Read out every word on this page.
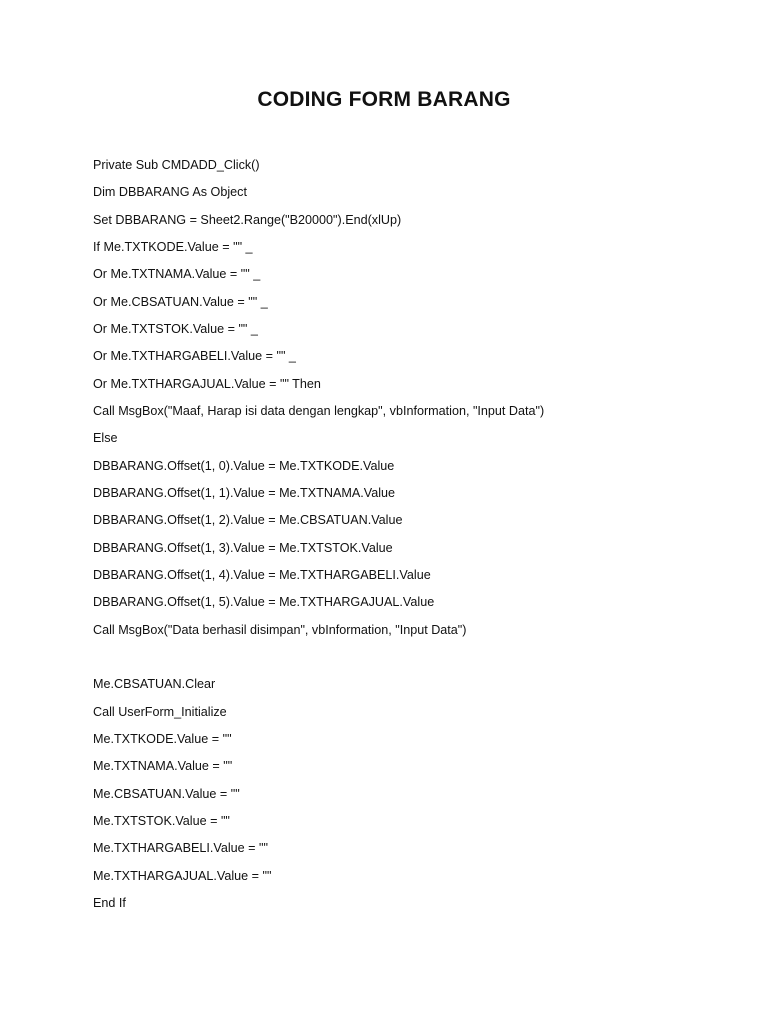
CODING FORM BARANG
Private Sub CMDADD_Click()
Dim DBBARANG As Object
Set DBBARANG = Sheet2.Range("B20000").End(xlUp)
If Me.TXTKODE.Value = "" _
Or Me.TXTNAMA.Value = "" _
Or Me.CBSATUAN.Value = "" _
Or Me.TXTSTOK.Value = "" _
Or Me.TXTHARGABELI.Value = "" _
Or Me.TXTHARGAJUAL.Value = "" Then
Call MsgBox("Maaf, Harap isi data dengan lengkap", vbInformation, "Input Data")
Else
DBBARANG.Offset(1, 0).Value = Me.TXTKODE.Value
DBBARANG.Offset(1, 1).Value = Me.TXTNAMA.Value
DBBARANG.Offset(1, 2).Value = Me.CBSATUAN.Value
DBBARANG.Offset(1, 3).Value = Me.TXTSTOK.Value
DBBARANG.Offset(1, 4).Value = Me.TXTHARGABELI.Value
DBBARANG.Offset(1, 5).Value = Me.TXTHARGAJUAL.Value
Call MsgBox("Data berhasil disimpan", vbInformation, "Input Data")
Me.CBSATUAN.Clear
Call UserForm_Initialize
Me.TXTKODE.Value = ""
Me.TXTNAMA.Value = ""
Me.CBSATUAN.Value = ""
Me.TXTSTOK.Value = ""
Me.TXTHARGABELI.Value = ""
Me.TXTHARGAJUAL.Value = ""
End If
